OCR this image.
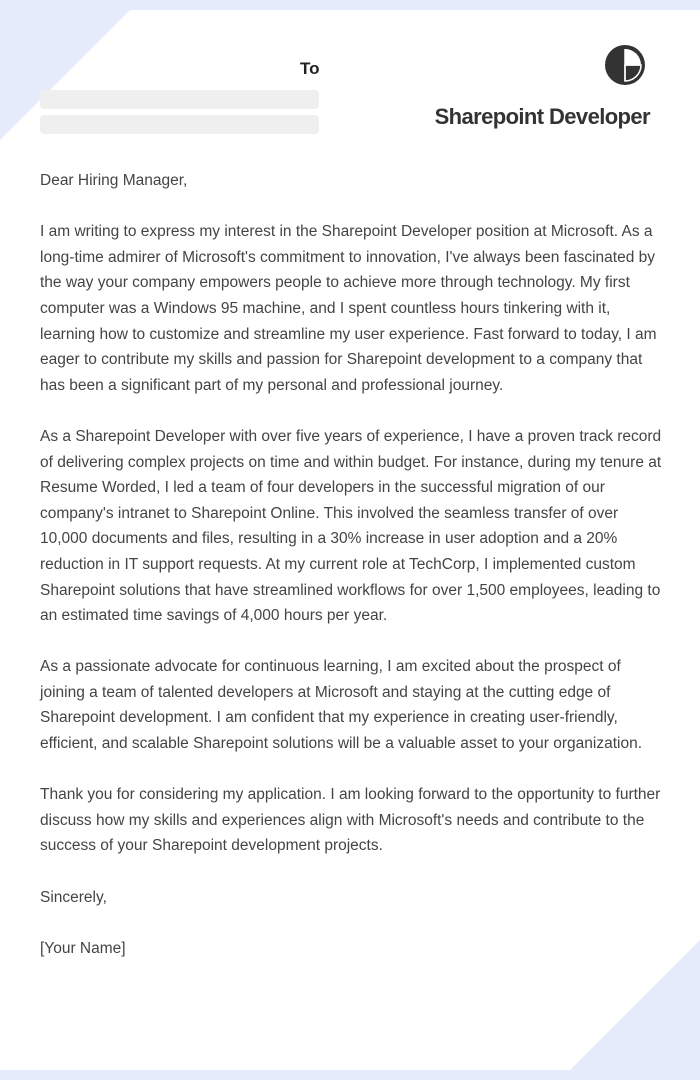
To
Sharepoint Developer

Dear Hiring Manager,

I am writing to express my interest in the Sharepoint Developer position at Microsoft. As a long-time admirer of Microsoft's commitment to innovation, I've always been fascinated by the way your company empowers people to achieve more through technology. My first computer was a Windows 95 machine, and I spent countless hours tinkering with it, learning how to customize and streamline my user experience. Fast forward to today, I am eager to contribute my skills and passion for Sharepoint development to a company that has been a significant part of my personal and professional journey.

As a Sharepoint Developer with over five years of experience, I have a proven track record of delivering complex projects on time and within budget. For instance, during my tenure at Resume Worded, I led a team of four developers in the successful migration of our company's intranet to Sharepoint Online. This involved the seamless transfer of over 10,000 documents and files, resulting in a 30% increase in user adoption and a 20% reduction in IT support requests. At my current role at TechCorp, I implemented custom Sharepoint solutions that have streamlined workflows for over 1,500 employees, leading to an estimated time savings of 4,000 hours per year.

As a passionate advocate for continuous learning, I am excited about the prospect of joining a team of talented developers at Microsoft and staying at the cutting edge of Sharepoint development. I am confident that my experience in creating user-friendly, efficient, and scalable Sharepoint solutions will be a valuable asset to your organization.

Thank you for considering my application. I am looking forward to the opportunity to further discuss how my skills and experiences align with Microsoft's needs and contribute to the success of your Sharepoint development projects.

Sincerely,

[Your Name]
